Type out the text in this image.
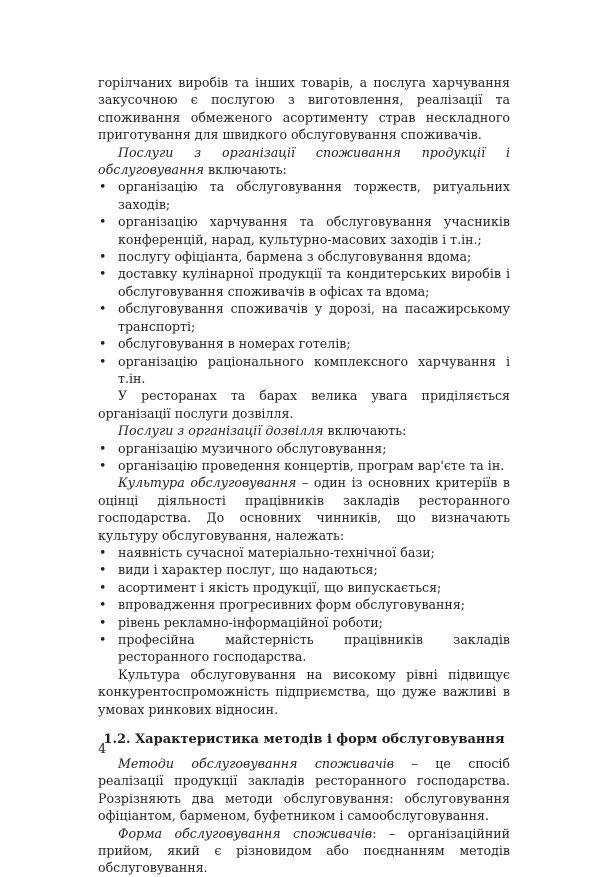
горілчаних виробів та інших товарів, а послуга харчування закусочною є послугою з виготовлення, реалізації та споживання обмеженого асортименту страв нескладного приготування для швидкого обслуговування споживачів.

Послуги з організації споживання продукції і обслуговування включають:

• організацію та обслуговування торжеств, ритуальних заходів;
• організацію харчування та обслуговування учасників конференцій, нарад, культурно-масових заходів і т.ін.;
• послугу офіціанта, бармена з обслуговування вдома;
• доставку кулінарної продукції та кондитерських виробів і обслуговування споживачів в офісах та вдома;
• обслуговування споживачів у дорозі, на пасажирському транспорті;
• обслуговування в номерах готелів;
• організацію раціонального комплексного харчування і т.ін.

У ресторанах та барах велика увага приділяється організації послуги дозвілля.

Послуги з організації дозвілля включають:

• організацію музичного обслуговування;
• організацію проведення концертів, програм вар'єте та ін.

Культура обслуговування – один із основних критеріїв в оцінці діяльності працівників закладів ресторанного господарства. До основних чинників, що визначають культуру обслуговування, належать:

• наявність сучасної матеріально-технічної бази;
• види і характер послуг, що надаються;
• асортимент і якість продукції, що випускається;
• впровадження прогресивних форм обслуговування;
• рівень рекламно-інформаційної роботи;
• професійна майстерність працівників закладів ресторанного господарства.

Культура обслуговування на високому рівні підвищує конкурентоспроможність підприємства, що дуже важливі в умовах ринкових відносин.

1.2. Характеристика методів і форм обслуговування

Методи обслуговування споживачів – це спосіб реалізації продукції закладів ресторанного господарства. Розрізняють два методи обслуговування: обслуговування офіціантом, барменом, буфетником і самообслуговування.

Форма обслуговування споживачів: – організаційний прийом, який є різновидом або поєднанням методів обслуговування.

4
